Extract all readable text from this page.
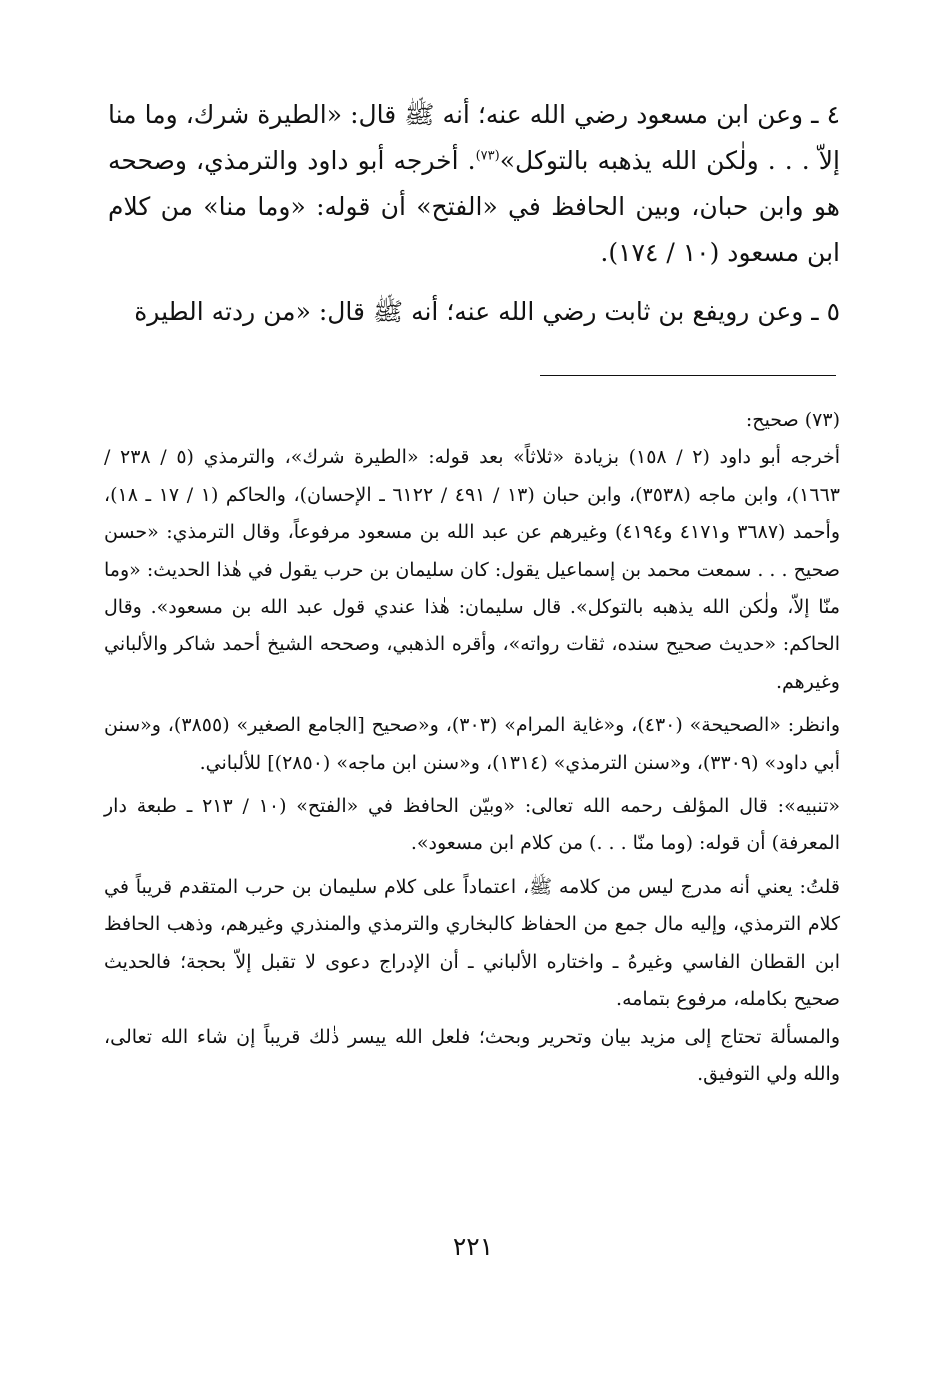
٤ ـ وعن ابن مسعود رضي الله عنه؛ أنه ﷺ قال: «الطيرة شرك، وما منا إلاّ . . . ولٰكن الله يذهبه بالتوكل»$^{(٧٣)}$. أخرجه أبو داود والترمذي، وصححه هو وابن حبان، وبين الحافظ في «الفتح» أن قوله: «وما منا» من كلام ابن مسعود (١٠ / ١٧٤).

٥ ـ وعن رويفع بن ثابت رضي الله عنه؛ أنه ﷺ قال: «من ردته الطيرة

(٧٣) صحيح:

أخرجه أبو داود (٢ / ١٥٨) بزيادة «ثلاثاً» بعد قوله: «الطيرة شرك»، والترمذي (٥ / ٢٣٨ / ١٦٦٣)، وابن ماجه (٣٥٣٨)، وابن حبان (١٣ / ٤٩١ / ٦١٢٢ ـ الإحسان)، والحاكم (١ / ١٧ ـ ١٨)، وأحمد (٣٦٨٧ و٤١٧١ و٤١٩٤) وغيرهم عن عبد الله بن مسعود مرفوعاً، وقال الترمذي: «حسن صحيح . . . سمعت محمد بن إسماعيل يقول: كان سليمان بن حرب يقول في هٰذا الحديث: «وما منّا إلاّ، ولٰكن الله يذهبه بالتوكل». قال سليمان: هٰذا عندي قول عبد الله بن مسعود». وقال الحاكم: «حديث صحيح سنده، ثقات رواته»، وأقره الذهبي، وصححه الشيخ أحمد شاكر والألباني وغيرهم.

وانظر: «الصحيحة» (٤٣٠)، و«غاية المرام» (٣٠٣)، و«صحيح [الجامع الصغير» (٣٨٥٥)، و«سنن أبي داود» (٣٣٠٩)، و«سنن الترمذي» (١٣١٤)، و«سنن ابن ماجه» (٢٨٥٠)] للألباني.

«تنبيه»: قال المؤلف رحمه الله تعالى: «وبيّن الحافظ في «الفتح» (١٠ / ٢١٣ ـ طبعة دار المعرفة) أن قوله: (وما منّا . . .) من كلام ابن مسعود».

قلتُ: يعني أنه مدرج ليس من كلامه ﷺ، اعتماداً على كلام سليمان بن حرب المتقدم قريباً في كلام الترمذي، وإليه مال جمع من الحفاظ كالبخاري والترمذي والمنذري وغيرهم، وذهب الحافظ ابن القطان الفاسي وغيرهُ ـ واختاره الألباني ـ أن الإدراج دعوى لا تقبل إلاّ بحجة؛ فالحديث صحيح بكامله، مرفوع بتمامه.

والمسألة تحتاج إلى مزيد بيان وتحرير وبحث؛ فلعل الله ييسر ذٰلك قريباً إن شاء الله تعالى، والله ولي التوفيق.

٢٢١
